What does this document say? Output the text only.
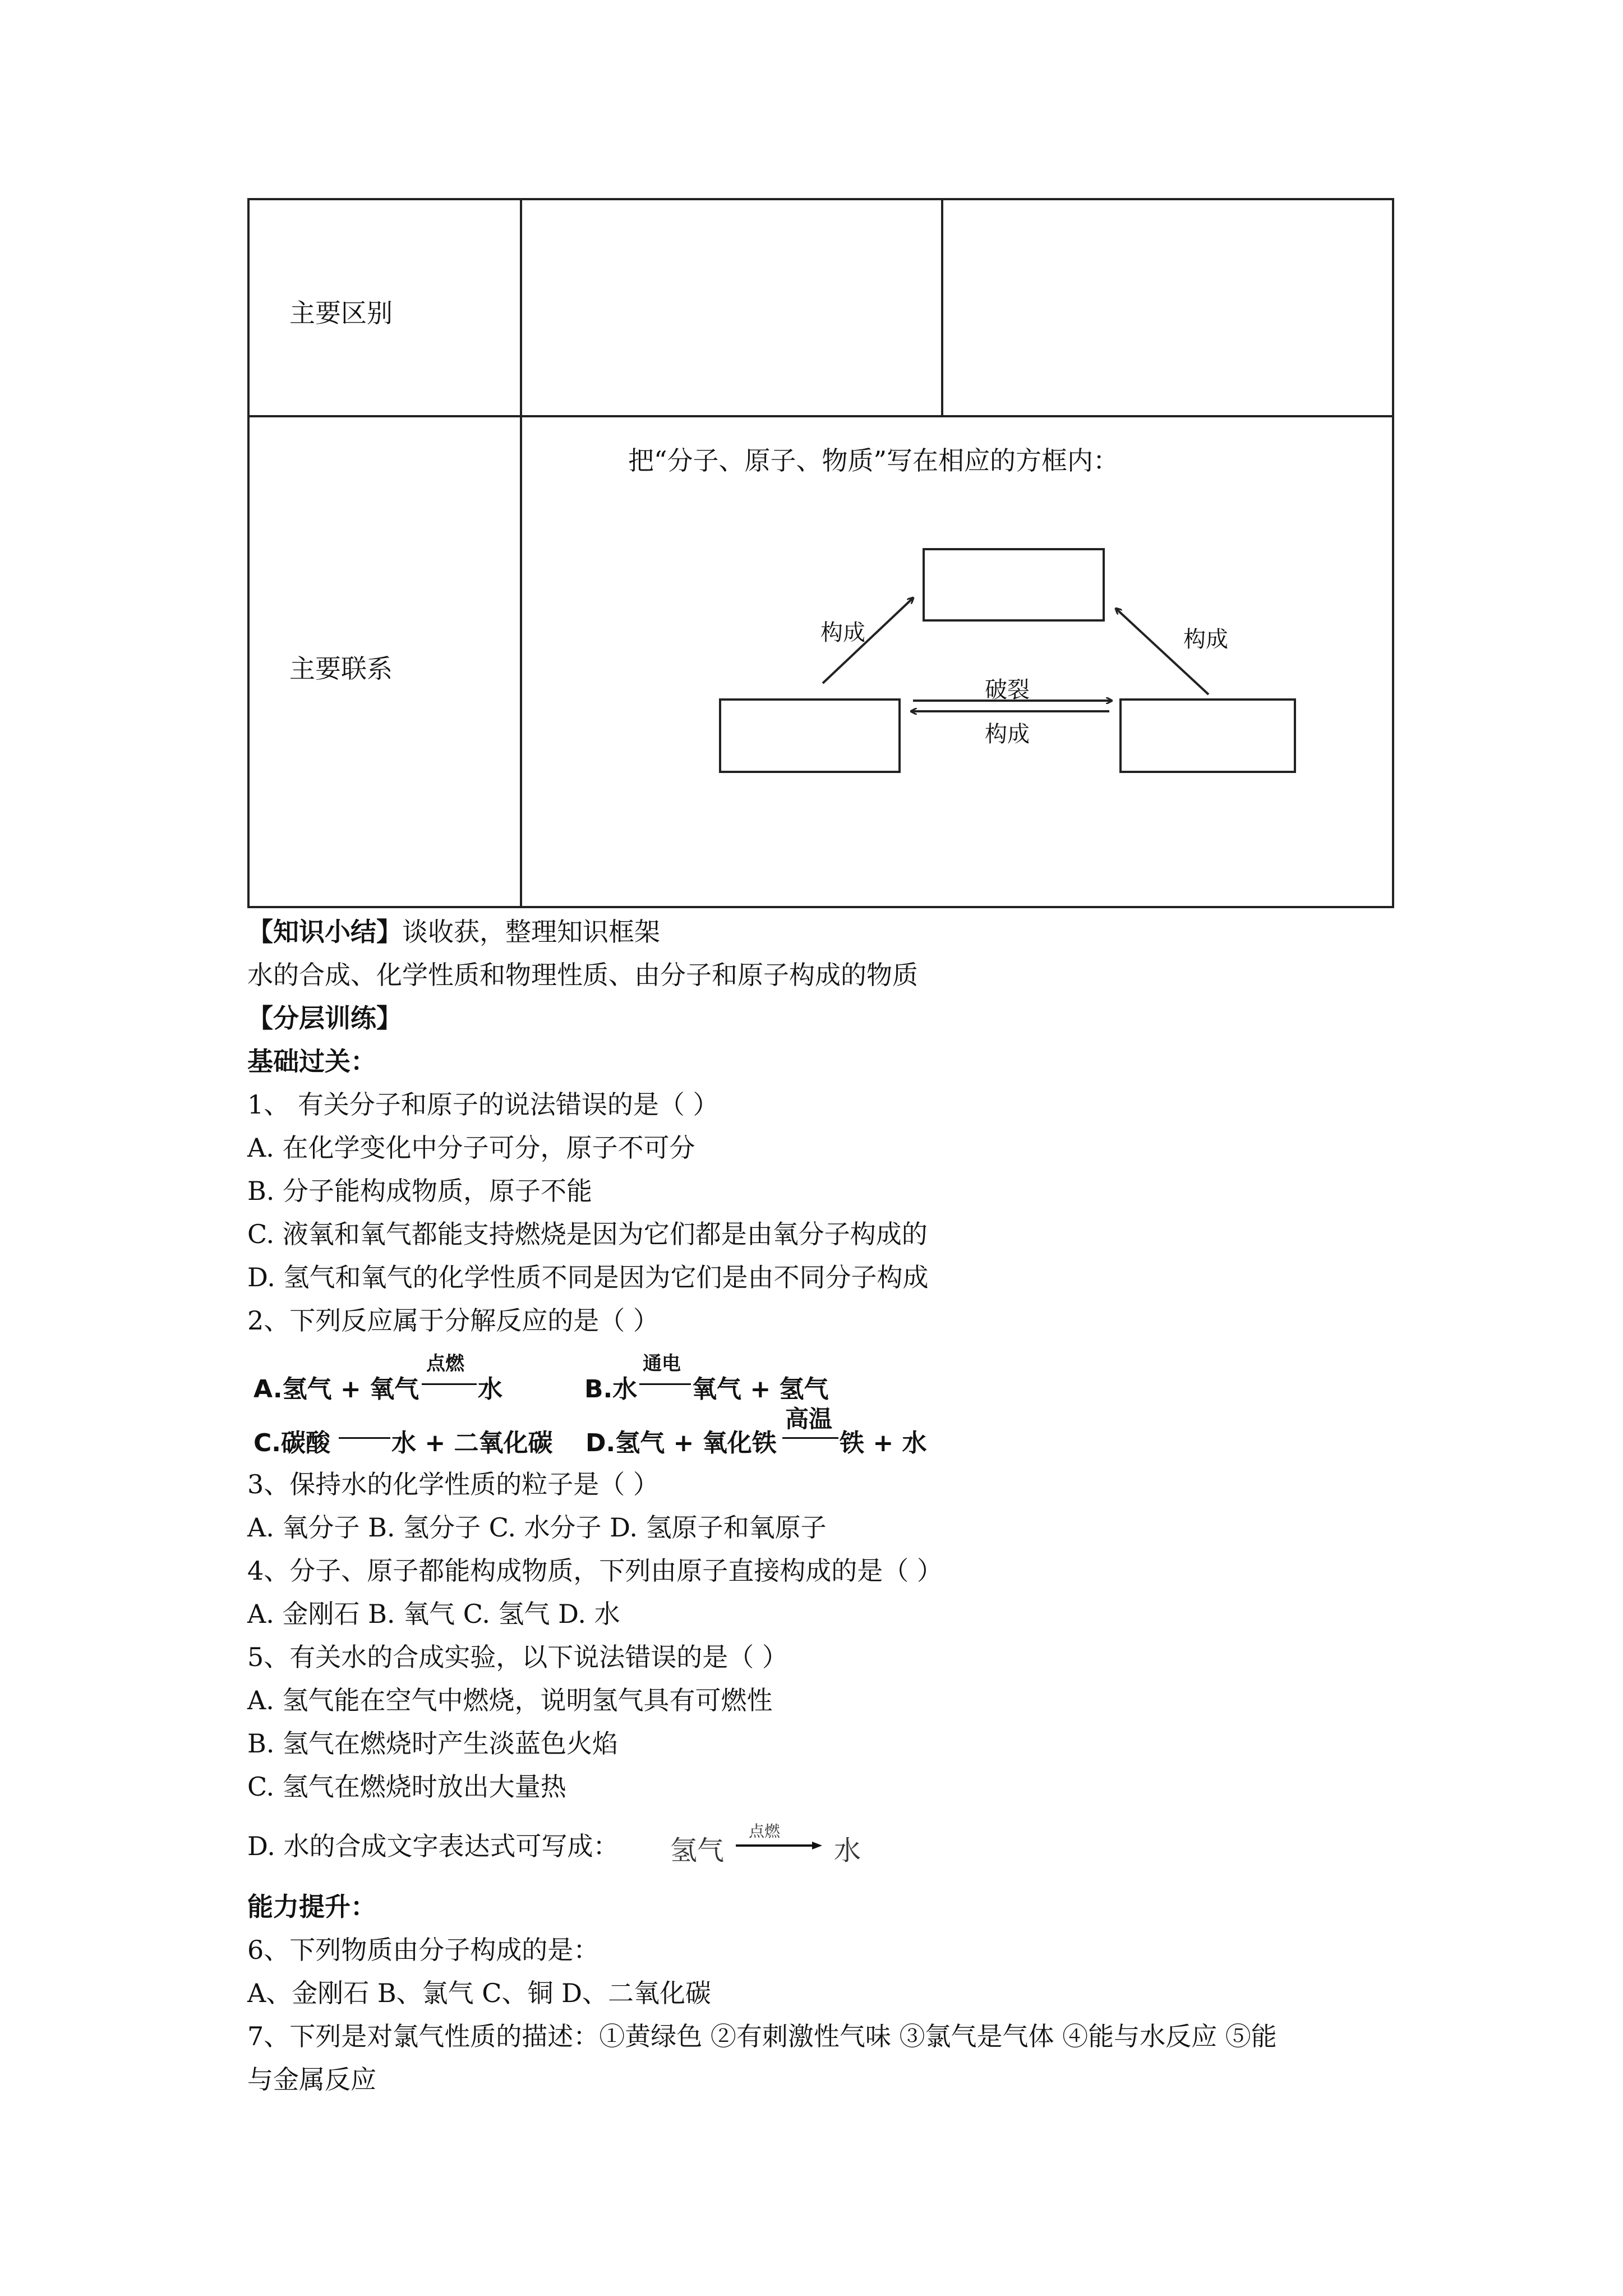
主要区别
主要联系
把“分子、原子、物质”写在相应的方框内：
构成	构成
破裂
构成
【知识小结】谈收获，整理知识框架
水的合成、化学性质和物理性质、由分子和原子构成的物质
【分层训练】
基础过关：
1、 有关分子和原子的说法错误的是（ ）
A. 在化学变化中分子可分，原子不可分
B. 分子能构成物质，原子不能
C. 液氧和氧气都能支持燃烧是因为它们都是由氧分子构成的
D. 氢气和氧气的化学性质不同是因为它们是由不同分子构成
2、下列反应属于分解反应的是（ ）
A.氢气 + 氧气
点燃
水	B.水
通电
氧气 + 氢气
C.碳酸 水 + 二氧化碳 D.氢气 + 氧化铁
高温
铁 + 水
3、保持水的化学性质的粒子是（ ）
A. 氧分子 B. 氢分子 C. 水分子 D. 氢原子和氧原子
4、分子、原子都能构成物质，下列由原子直接构成的是（ ）
A. 金刚石 B. 氧气 C. 氢气 D. 水
5、有关水的合成实验，以下说法错误的是（ ）
A. 氢气能在空气中燃烧，说明氢气具有可燃性
B. 氢气在燃烧时产生淡蓝色火焰
C. 氢气在燃烧时放出大量热
D. 水的合成文字表达式可写成： 氢气
点燃
水
能力提升：
6、下列物质由分子构成的是：
A、金刚石 B、氯气 C、铜 D、二氧化碳
7、下列是对氯气性质的描述：①黄绿色 ②有刺激性气味 ③氯气是气体 ④能与水反应 ⑤能
与金属反应
